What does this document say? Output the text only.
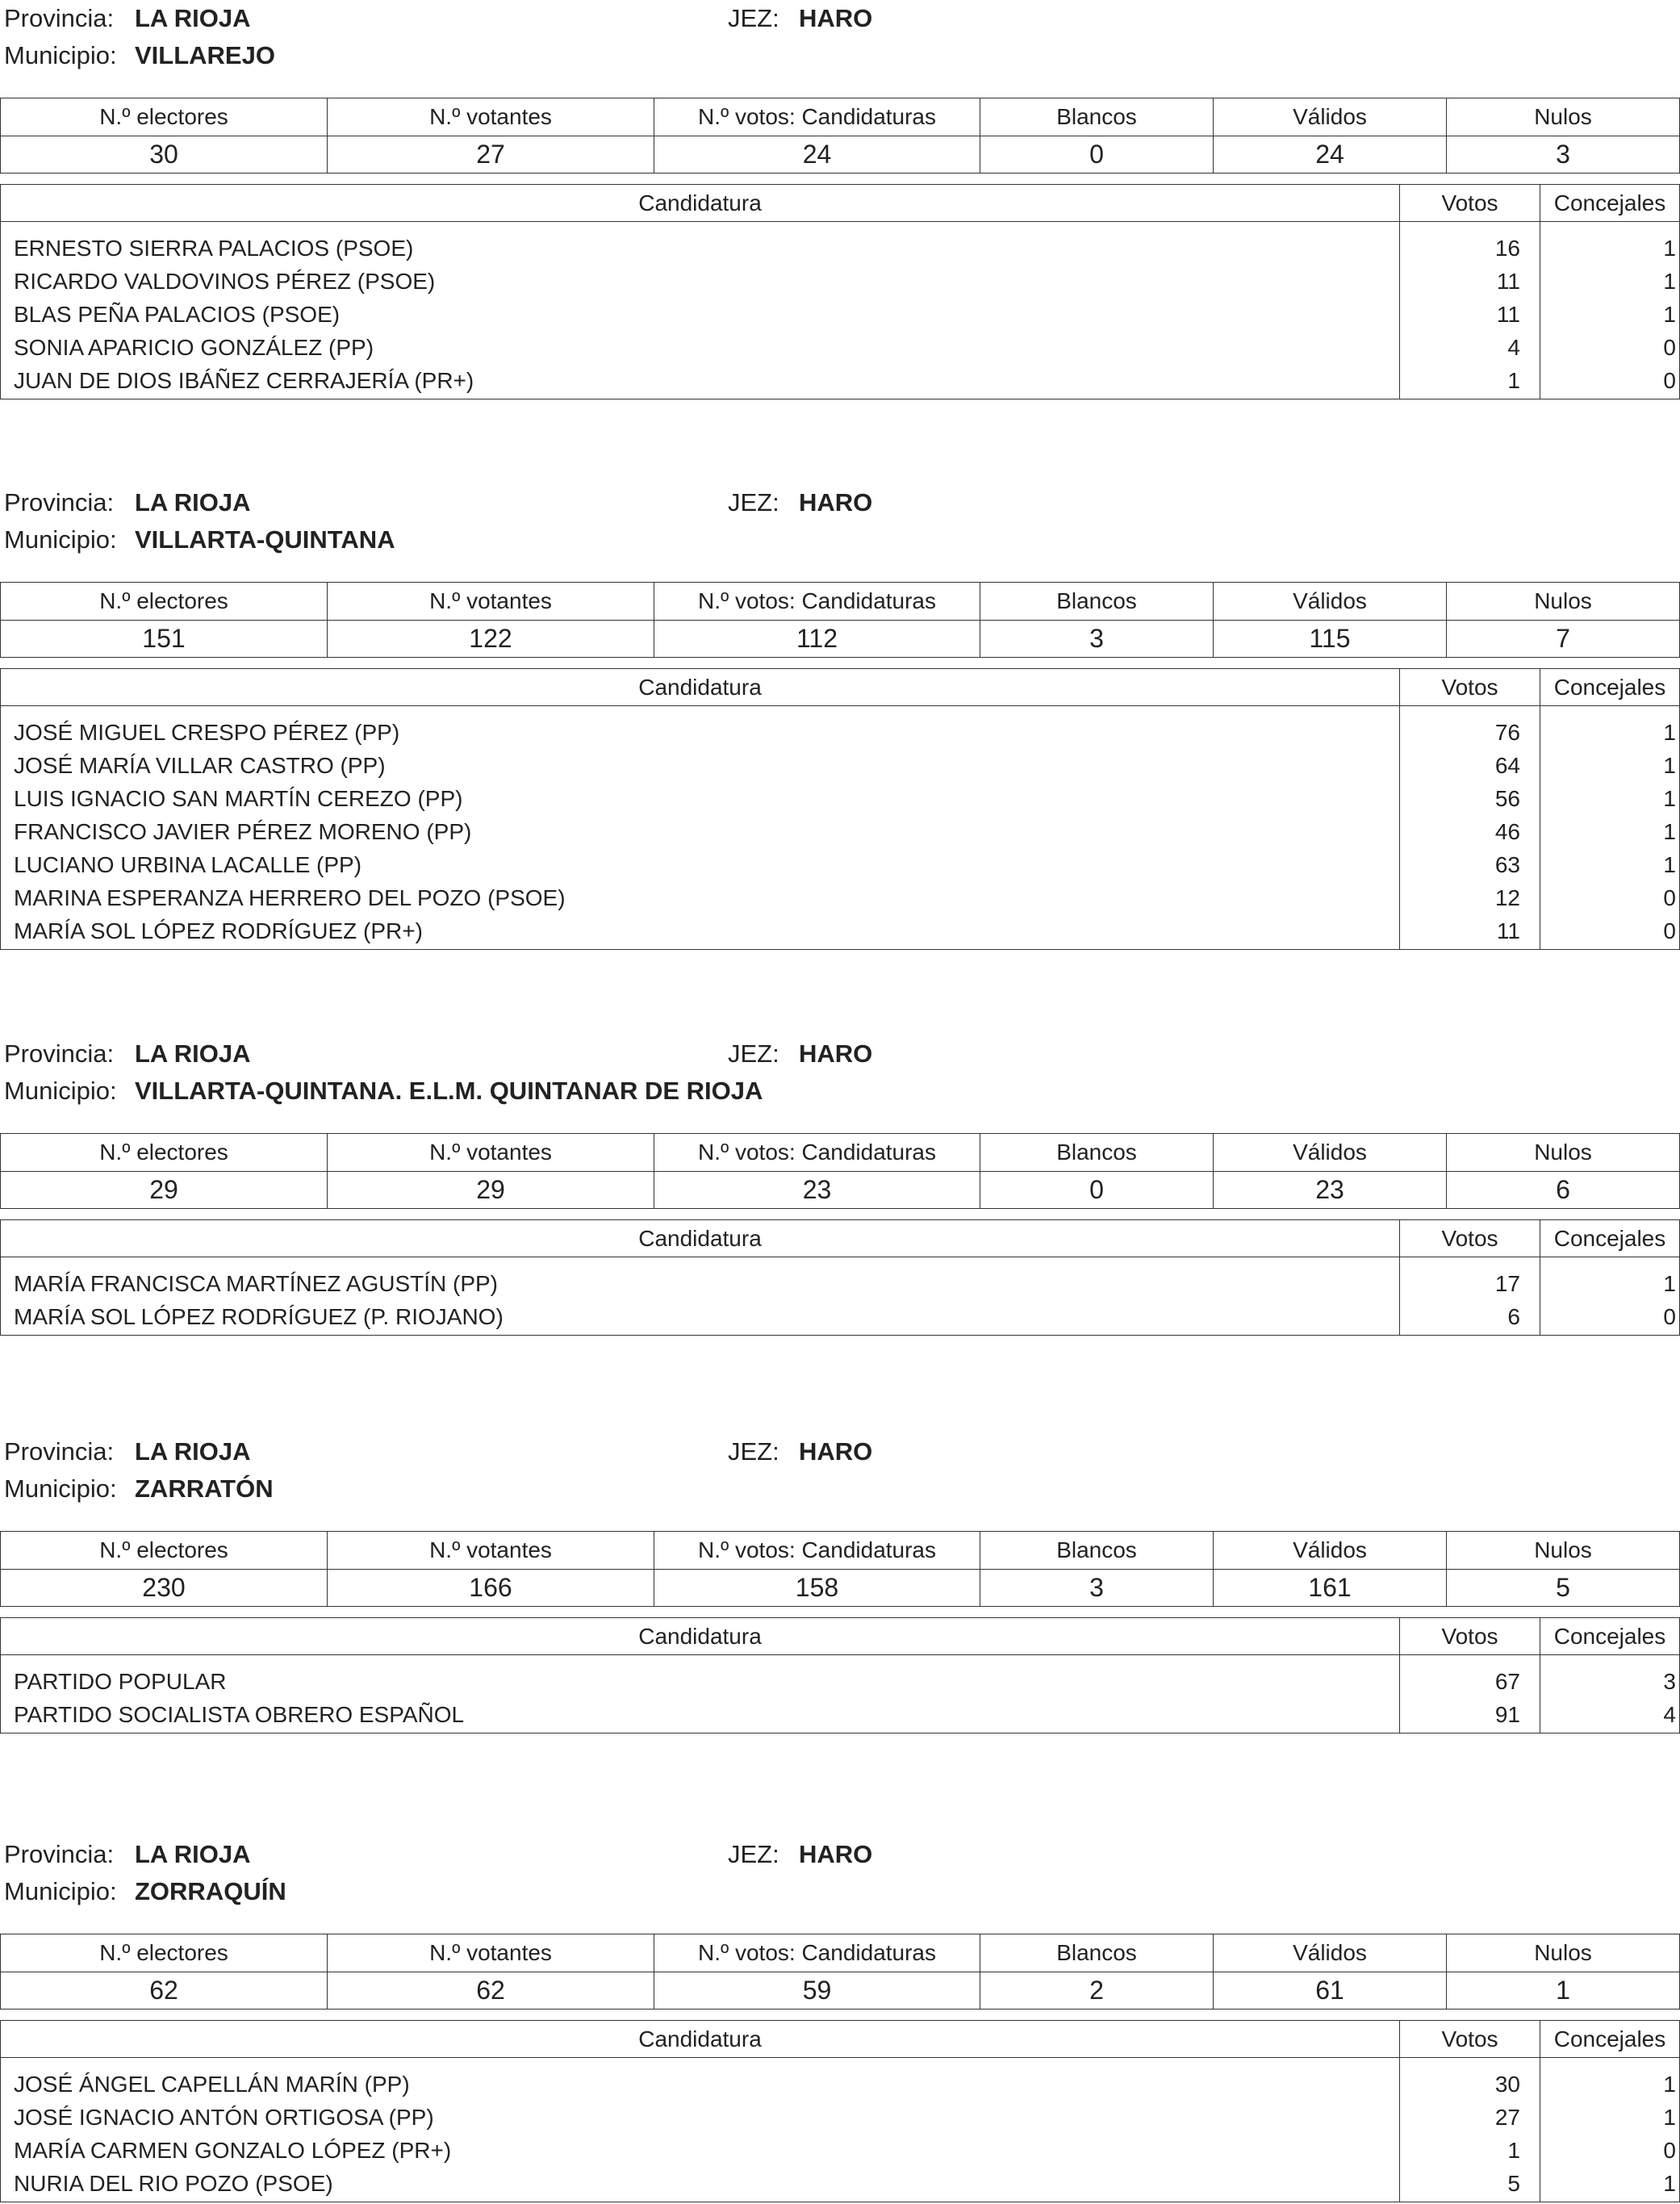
Provincia: LA RIOJA	JEZ: HARO
Municipio: VILLAREJO
N.º electores	N.º votantes	N.º votos: Candidaturas	Blancos	Válidos	Nulos
30	27	24	0	24	3
Candidatura	Votos	Concejales
ERNESTO SIERRA PALACIOS (PSOE)	16	1
RICARDO VALDOVINOS PÉREZ (PSOE)	11	1
BLAS PEÑA PALACIOS (PSOE)	11	1
SONIA APARICIO GONZÁLEZ (PP)	4	0
JUAN DE DIOS IBÁÑEZ CERRAJERÍA (PR+)	1	0
Provincia: LA RIOJA	JEZ: HARO
Municipio: VILLARTA-QUINTANA
N.º electores	N.º votantes	N.º votos: Candidaturas	Blancos	Válidos	Nulos
151	122	112	3	115	7
Candidatura	Votos	Concejales
JOSÉ MIGUEL CRESPO PÉREZ (PP)	76	1
JOSÉ MARÍA VILLAR CASTRO (PP)	64	1
LUIS IGNACIO SAN MARTÍN CEREZO (PP)	56	1
FRANCISCO JAVIER PÉREZ MORENO (PP)	46	1
LUCIANO URBINA LACALLE (PP)	63	1
MARINA ESPERANZA HERRERO DEL POZO (PSOE)	12	0
MARÍA SOL LÓPEZ RODRÍGUEZ (PR+)	11	0
Provincia: LA RIOJA	JEZ: HARO
Municipio: VILLARTA-QUINTANA. E.L.M. QUINTANAR DE RIOJA
N.º electores	N.º votantes	N.º votos: Candidaturas	Blancos	Válidos	Nulos
29	29	23	0	23	6
Candidatura	Votos	Concejales
MARÍA FRANCISCA MARTÍNEZ AGUSTÍN (PP)	17	1
MARÍA SOL LÓPEZ RODRÍGUEZ (P. RIOJANO)	6	0
Provincia: LA RIOJA	JEZ: HARO
Municipio: ZARRATÓN
N.º electores	N.º votantes	N.º votos: Candidaturas	Blancos	Válidos	Nulos
230	166	158	3	161	5
Candidatura	Votos	Concejales
PARTIDO POPULAR	67	3
PARTIDO SOCIALISTA OBRERO ESPAÑOL	91	4
Provincia: LA RIOJA	JEZ: HARO
Municipio: ZORRAQUÍN
N.º electores	N.º votantes	N.º votos: Candidaturas	Blancos	Válidos	Nulos
62	62	59	2	61	1
Candidatura	Votos	Concejales
JOSÉ ÁNGEL CAPELLÁN MARÍN (PP)	30	1
JOSÉ IGNACIO ANTÓN ORTIGOSA (PP)	27	1
MARÍA CARMEN GONZALO LÓPEZ (PR+)	1	0
NURIA DEL RIO POZO (PSOE)	5	1
